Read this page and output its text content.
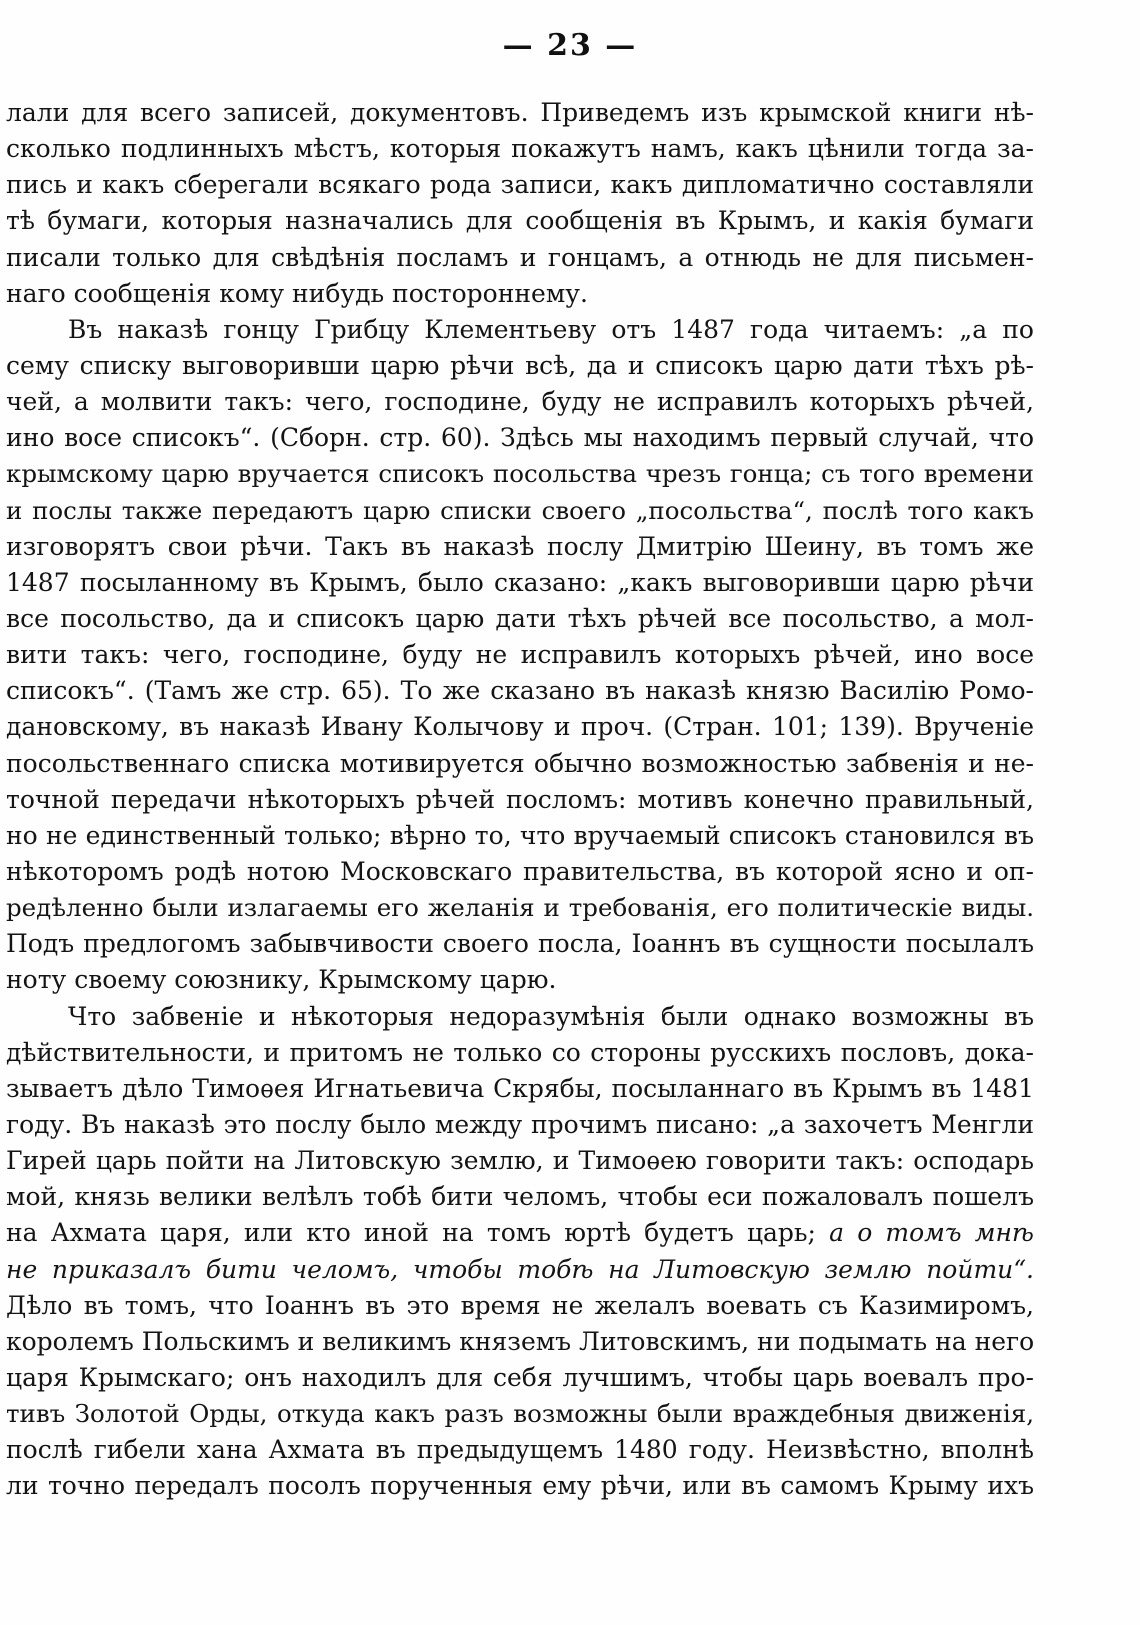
— 23 —
лали для всего записей, документовъ. Приведемъ изъ крымской книги нѣ-
сколько подлинныхъ мѣстъ, которыя покажутъ намъ, какъ цѣнили тогда за-
пись и какъ сберегали всякаго рода записи, какъ дипломатично составляли
тѣ бумаги, которыя назначались для сообщенія въ Крымъ, и какія бумаги
писали только для свѣдѣнія посламъ и гонцамъ, а отнюдь не для письмен-
наго сообщенія кому нибудь постороннему.
Въ наказѣ гонцу Грибцу Клементьеву отъ 1487 года читаемъ: „а по
сему списку выговоривши царю рѣчи всѣ, да и списокъ царю дати тѣхъ рѣ-
чей, а молвити такъ: чего, господине, буду не исправилъ которыхъ рѣчей,
ино восе списокъ“. (Сборн. стр. 60). Здѣсь мы находимъ первый случай, что
крымскому царю вручается списокъ посольства чрезъ гонца; съ того времени
и послы также передаютъ царю списки своего „посольства“, послѣ того какъ
изговорятъ свои рѣчи. Такъ въ наказѣ послу Дмитрію Шеину, въ томъ же
1487 посыланному въ Крымъ, было сказано: „какъ выговоривши царю рѣчи
все посольство, да и списокъ царю дати тѣхъ рѣчей все посольство, а мол-
вити такъ: чего, господине, буду не исправилъ которыхъ рѣчей, ино восе
списокъ“. (Тамъ же стр. 65). То же сказано въ наказѣ князю Василію Ромо-
дановскому, въ наказѣ Ивану Колычову и проч. (Стран. 101; 139). Врученіе
посольственнаго списка мотивируется обычно возможностью забвенія и не-
точной передачи нѣкоторыхъ рѣчей посломъ: мотивъ конечно правильный,
но не единственный только; вѣрно то, что вручаемый списокъ становился въ
нѣкоторомъ родѣ нотою Московскаго правительства, въ которой ясно и оп-
редѣленно были излагаемы его желанія и требованія, его политическіе виды.
Подъ предлогомъ забывчивости своего посла, Іоаннъ въ сущности посылалъ
ноту своему союзнику, Крымскому царю.
Что забвеніе и нѣкоторыя недоразумѣнія были однако возможны въ
дѣйствительности, и притомъ не только со стороны русскихъ пословъ, дока-
зываетъ дѣло Тимоѳея Игнатьевича Скрябы, посыланнаго въ Крымъ въ 1481
году. Въ наказѣ это послу было между прочимъ писано: „а захочетъ Менгли
Гирей царь пойти на Литовскую землю, и Тимоѳею говорити такъ: осподарь
мой, князь велики велѣлъ тобѣ бити челомъ, чтобы еси пожаловалъ пошелъ
на Ахмата царя, или кто иной на томъ юртѣ будетъ царь; а о томъ мнѣ
не приказалъ бити челомъ, чтобы тобѣ на Литовскую землю пойти“.
Дѣло въ томъ, что Іоаннъ въ это время не желалъ воевать съ Казимиромъ,
королемъ Польскимъ и великимъ княземъ Литовскимъ, ни подымать на него
царя Крымскаго; онъ находилъ для себя лучшимъ, чтобы царь воевалъ про-
тивъ Золотой Орды, откуда какъ разъ возможны были враждебныя движенія,
послѣ гибели хана Ахмата въ предыдущемъ 1480 году. Неизвѣстно, вполнѣ
ли точно передалъ посолъ порученныя ему рѣчи, или въ самомъ Крыму ихъ
